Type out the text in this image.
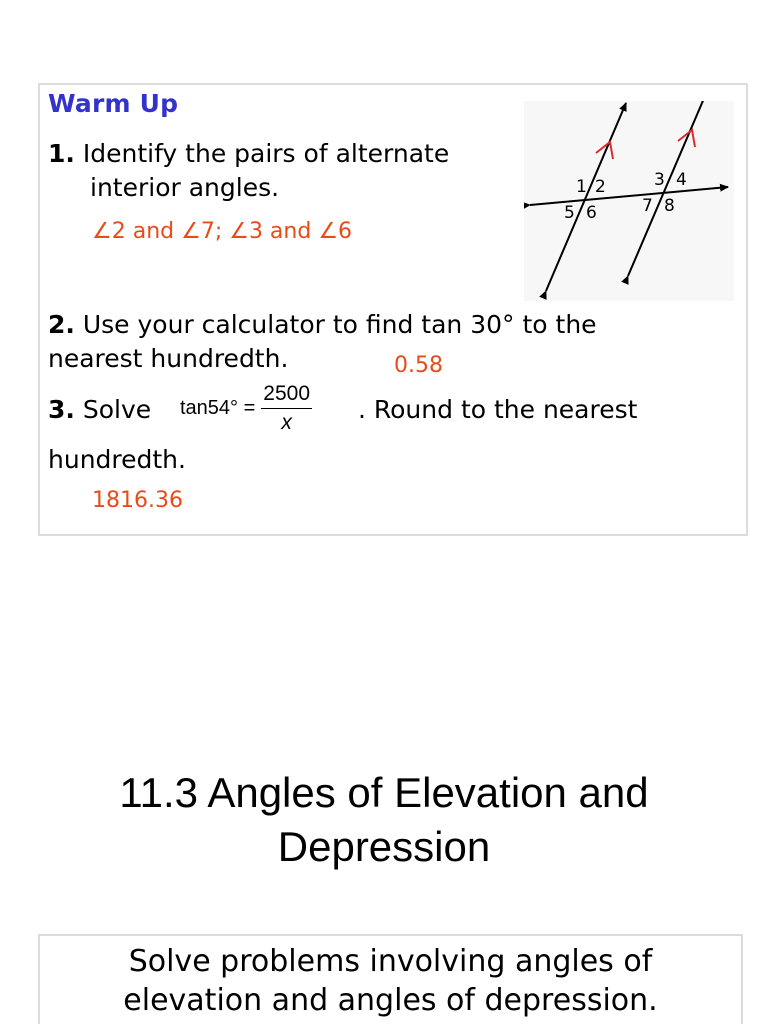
Warm Up
1. Identify the pairs of alternate
interior angles.
∠2 and ∠7; ∠3 and ∠6
1 2	3 4
5 6	7 8
2. Use your calculator to find tan 30° to the
nearest hundredth.	0.58
3. Solve $\tan 54^\circ = \frac{2500}{x}$ . Round to the nearest
hundredth.
1816.36
11.3 Angles of Elevation and
Depression
Solve problems involving angles of
elevation and angles of depression.
